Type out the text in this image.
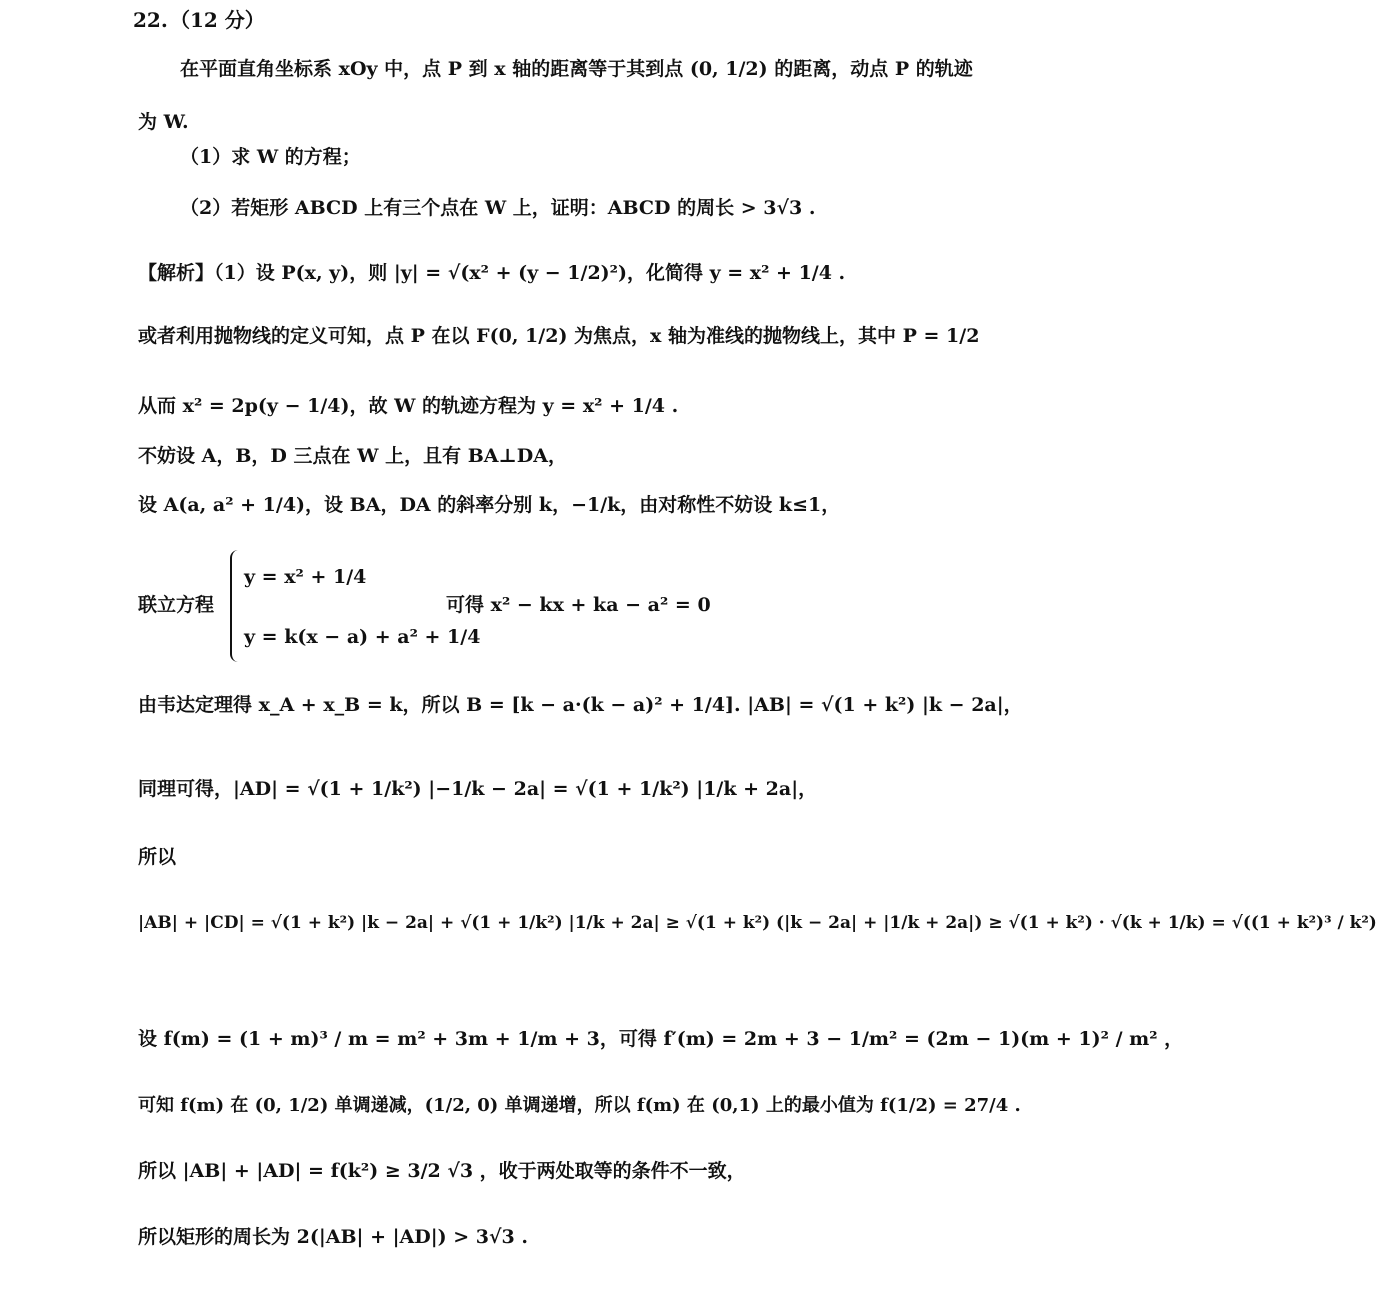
22. （12 分）
在平面直角坐标系 xOy 中，点 P 到 x 轴的距离等于其到点 (0, 1/2) 的距离，动点 P 的轨迹
为 W.
（1）求 W 的方程；
（2）若矩形 ABCD 上有三个点在 W 上，证明：ABCD 的周长 > 3√3 .
【解析】（1）设 P(x, y)，则 |y| = √(x² + (y − 1/2)²)，化简得 y = x² + 1/4 .
或者利用抛物线的定义可知，点 P 在以 F(0, 1/2) 为焦点，x 轴为准线的抛物线上，其中 P = 1/2
从而 x² = 2p(y − 1/4)，故 W 的轨迹方程为 y = x² + 1/4 .
不妨设 A，B，D 三点在 W 上，且有 BA⊥DA，
设 A(a, a² + 1/4)，设 BA，DA 的斜率分别 k，−1/k，由对称性不妨设 k≤1，
联立方程
y = x² + 1/4
y = k(x − a) + a² + 1/4
可得 x² − kx + ka − a² = 0
由韦达定理得 x_A + x_B = k，所以 B = [k − a·(k − a)² + 1/4]. |AB| = √(1 + k²) |k − 2a|，
同理可得，|AD| = √(1 + 1/k²) |−1/k − 2a| = √(1 + 1/k²) |1/k + 2a|，
所以
|AB| + |CD| = √(1 + k²) |k − 2a| + √(1 + 1/k²) |1/k + 2a| ≥ √(1 + k²) (|k − 2a| + |1/k + 2a|) ≥ √(1 + k²) · √(k + 1/k) = √((1 + k²)³ / k²)
设 f(m) = (1 + m)³ / m = m² + 3m + 1/m + 3，可得 f′(m) = 2m + 3 − 1/m² = (2m − 1)(m + 1)² / m² ，
可知 f(m) 在 (0, 1/2) 单调递减，(1/2, 0) 单调递增，所以 f(m) 在 (0,1) 上的最小值为 f(1/2) = 27/4 .
所以 |AB| + |AD| = f(k²) ≥ 3/2 √3 ，收于两处取等的条件不一致，
所以矩形的周长为 2(|AB| + |AD|) > 3√3 .
